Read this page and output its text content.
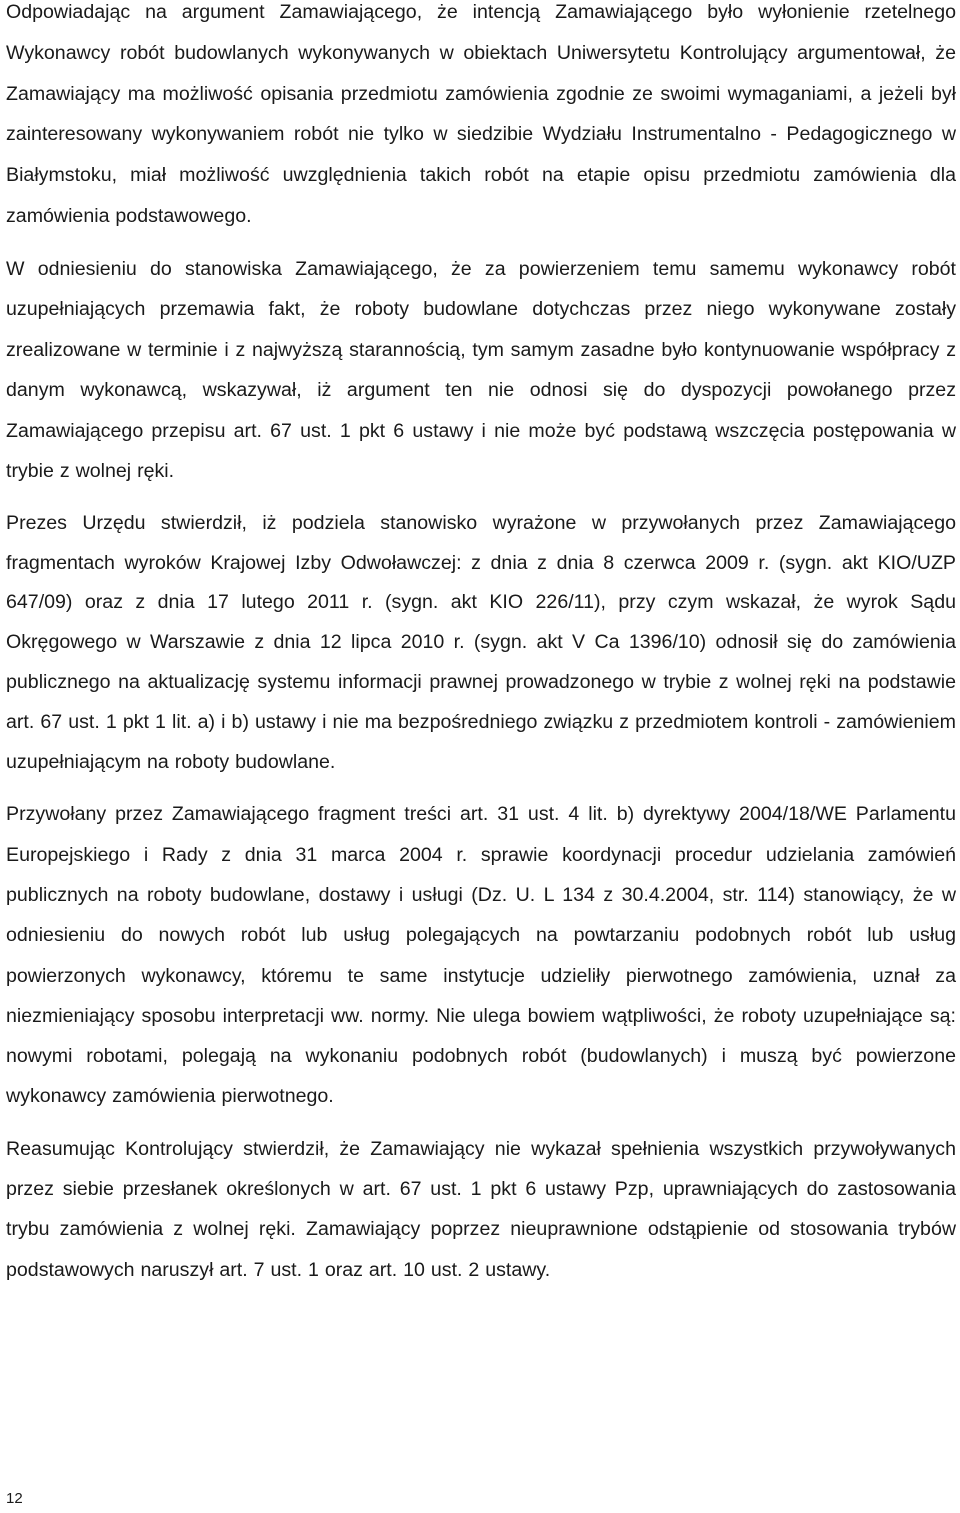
Odpowiadając na argument Zamawiającego, że intencją Zamawiającego było wyłonienie rzetelnego Wykonawcy robót budowlanych wykonywanych w obiektach Uniwersytetu Kontrolujący argumentował, że Zamawiający ma możliwość opisania przedmiotu zamówienia zgodnie ze swoimi wymaganiami, a jeżeli był zainteresowany wykonywaniem robót nie tylko w siedzibie Wydziału Instrumentalno - Pedagogicznego w Białymstoku, miał możliwość uwzględnienia takich robót na etapie opisu przedmiotu zamówienia dla zamówienia podstawowego.

W odniesieniu do stanowiska Zamawiającego, że za powierzeniem temu samemu wykonawcy robót uzupełniających przemawia fakt, że roboty budowlane dotychczas przez niego wykonywane zostały zrealizowane w terminie i z najwyższą starannością, tym samym zasadne było kontynuowanie współpracy z danym wykonawcą, wskazywał, iż argument ten nie odnosi się do dyspozycji powołanego przez Zamawiającego przepisu art. 67 ust. 1 pkt 6 ustawy i nie może być podstawą wszczęcia postępowania w trybie z wolnej ręki.

Prezes Urzędu stwierdził, iż podziela stanowisko wyrażone w przywołanych przez Zamawiającego fragmentach wyroków Krajowej Izby Odwoławczej: z dnia z dnia 8 czerwca 2009 r. (sygn. akt KIO/UZP 647/09) oraz z dnia 17 lutego 2011 r. (sygn. akt KIO 226/11), przy czym wskazał, że wyrok Sądu Okręgowego w Warszawie z dnia 12 lipca 2010 r. (sygn. akt V Ca 1396/10) odnosił się do zamówienia publicznego na aktualizację systemu informacji prawnej prowadzonego w trybie z wolnej ręki na podstawie art. 67 ust. 1 pkt 1 lit. a) i b) ustawy i nie ma bezpośredniego związku z przedmiotem kontroli - zamówieniem uzupełniającym na roboty budowlane.

Przywołany przez Zamawiającego fragment treści art. 31 ust. 4 lit. b) dyrektywy 2004/18/WE Parlamentu Europejskiego i Rady z dnia 31 marca 2004 r. sprawie koordynacji procedur udzielania zamówień publicznych na roboty budowlane, dostawy i usługi (Dz. U. L 134 z 30.4.2004, str. 114) stanowiący, że w odniesieniu do nowych robót lub usług polegających na powtarzaniu podobnych robót lub usług powierzonych wykonawcy, któremu te same instytucje udzieliły pierwotnego zamówienia, uznał za niezmieniający sposobu interpretacji ww. normy. Nie ulega bowiem wątpliwości, że roboty uzupełniające są: nowymi robotami, polegają na wykonaniu podobnych robót (budowlanych) i muszą być powierzone wykonawcy zamówienia pierwotnego.

Reasumując Kontrolujący stwierdził, że Zamawiający nie wykazał spełnienia wszystkich przywoływanych przez siebie przesłanek określonych w art. 67 ust. 1 pkt 6 ustawy Pzp, uprawniających do zastosowania trybu zamówienia z wolnej ręki. Zamawiający poprzez nieuprawnione odstąpienie od stosowania trybów podstawowych naruszył art. 7 ust. 1 oraz art. 10 ust. 2 ustawy.

12
